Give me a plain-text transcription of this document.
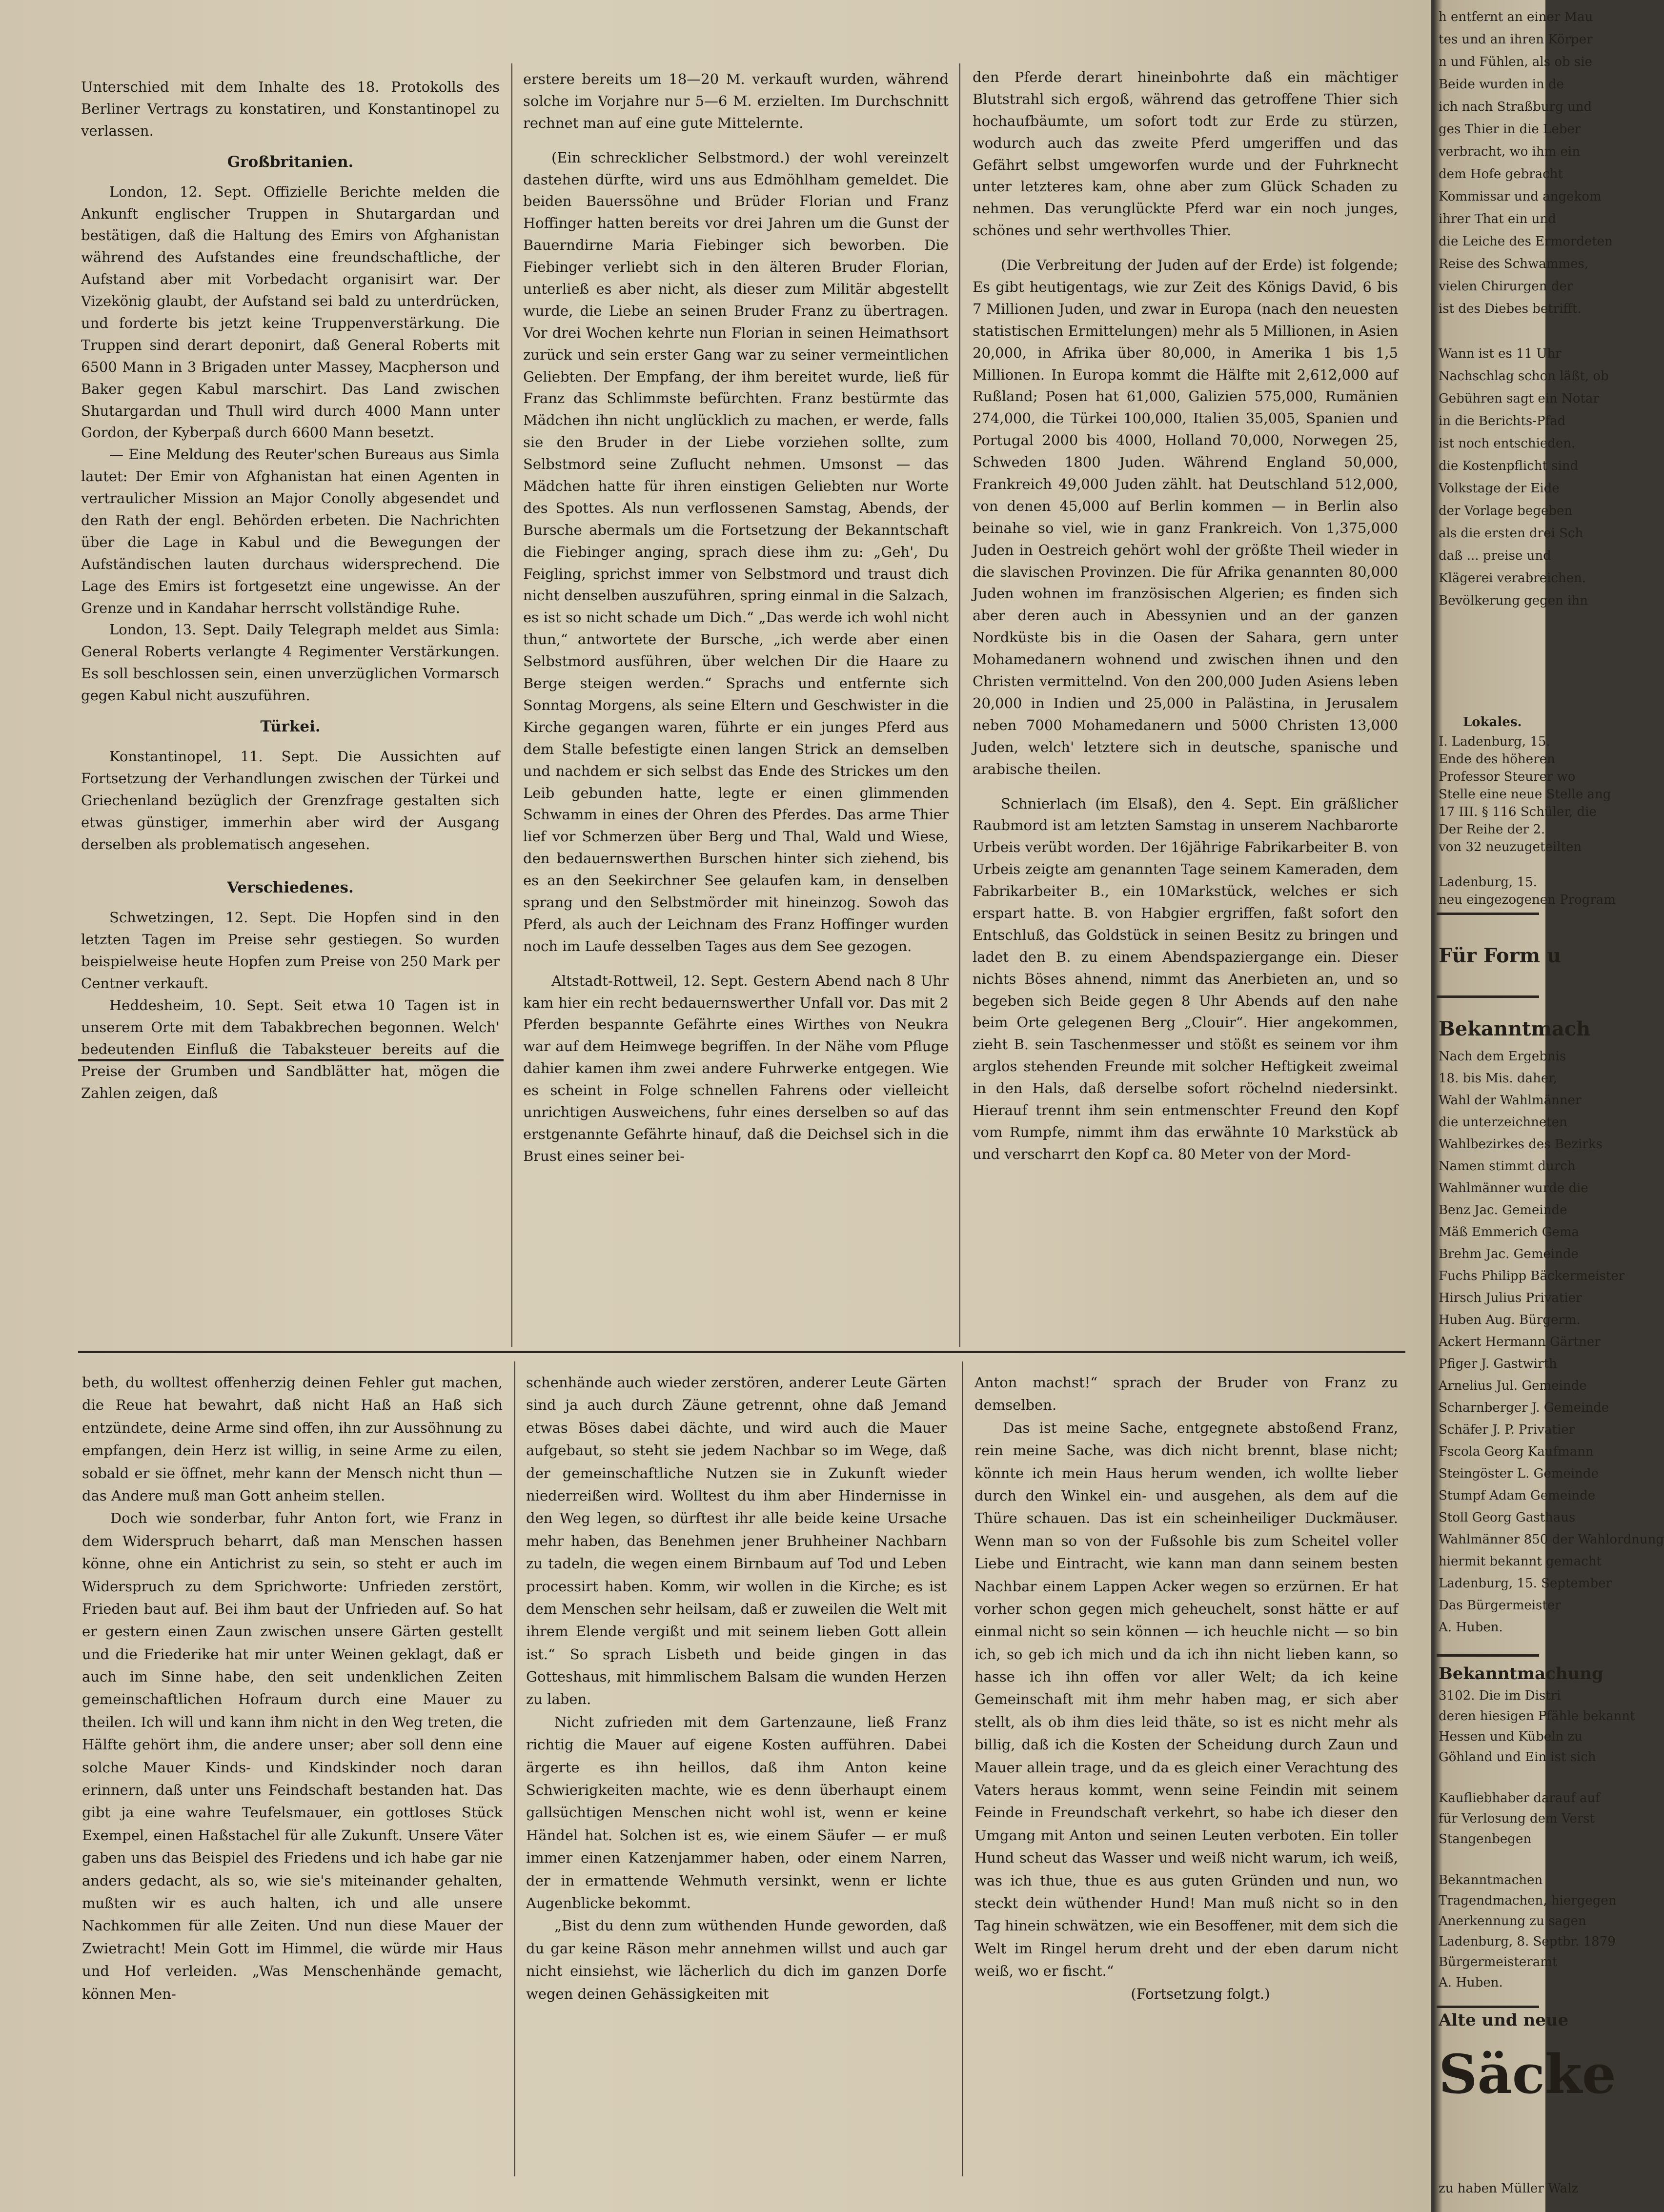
Unterschied mit dem Inhalte des 18. Protokolls des Berliner Vertrags zu konstatiren, und Konstantinopel zu verlassen.

Großbritanien.

London, 12. Sept. Offizielle Berichte melden die Ankunft englischer Truppen in Shutargardan und bestätigen, daß die Haltung des Emirs von Afghanistan während des Aufstandes eine freundschaftliche, der Aufstand aber mit Vorbedacht organisirt war. Der Vizekönig glaubt, der Aufstand sei bald zu unterdrücken, und forderte bis jetzt keine Truppenverstärkung. Die Truppen sind derart deponirt, daß General Roberts mit 6500 Mann in 3 Brigaden unter Massey, Macpherson und Baker gegen Kabul marschirt. Das Land zwischen Shutargardan und Thull wird durch 4000 Mann unter Gordon, der Kyberpaß durch 6600 Mann besetzt.

— Eine Meldung des Reuter'schen Bureaus aus Simla lautet: Der Emir von Afghanistan hat einen Agenten in vertraulicher Mission an Major Conolly abgesendet und den Rath der engl. Behörden erbeten. Die Nachrichten über die Lage in Kabul und die Bewegungen der Aufständischen lauten durchaus widersprechend. Die Lage des Emirs ist fortgesetzt eine ungewisse. An der Grenze und in Kandahar herrscht vollständige Ruhe.

London, 13. Sept. Daily Telegraph meldet aus Simla: General Roberts verlangte 4 Regimenter Verstärkungen. Es soll beschlossen sein, einen unverzüglichen Vormarsch gegen Kabul nicht auszuführen.

Türkei.

Konstantinopel, 11. Sept. Die Aussichten auf Fortsetzung der Verhandlungen zwischen der Türkei und Griechenland bezüglich der Grenzfrage gestalten sich etwas günstiger, immerhin aber wird der Ausgang derselben als problematisch angesehen.

Verschiedenes.

Schwetzingen, 12. Sept. Die Hopfen sind in den letzten Tagen im Preise sehr gestiegen. So wurden beispielweise heute Hopfen zum Preise von 250 Mark per Centner verkauft.

Heddesheim, 10. Sept. Seit etwa 10 Tagen ist in unserem Orte mit dem Tabakbrechen begonnen. Welch' bedeutenden Einfluß die Tabaksteuer bereits auf die Preise der Grumben und Sandblätter hat, mögen die Zahlen zeigen, daß

erstere bereits um 18—20 M. verkauft wurden, während solche im Vorjahre nur 5—6 M. erzielten. Im Durchschnitt rechnet man auf eine gute Mittelernte.

(Ein schrecklicher Selbstmord.) der wohl vereinzelt dastehen dürfte, wird uns aus Edmöhlham gemeldet. Die beiden Bauerssöhne und Brüder Florian und Franz Hoffinger hatten bereits vor drei Jahren um die Gunst der Bauerndirne Maria Fiebinger sich beworben. Die Fiebinger verliebt sich in den älteren Bruder Florian, unterließ es aber nicht, als dieser zum Militär abgestellt wurde, die Liebe an seinen Bruder Franz zu übertragen. Vor drei Wochen kehrte nun Florian in seinen Heimathsort zurück und sein erster Gang war zu seiner vermeintlichen Geliebten. Der Empfang, der ihm bereitet wurde, ließ für Franz das Schlimmste befürchten. Franz bestürmte das Mädchen ihn nicht unglücklich zu machen, er werde, falls sie den Bruder in der Liebe vorziehen sollte, zum Selbstmord seine Zuflucht nehmen. Umsonst — das Mädchen hatte für ihren einstigen Geliebten nur Worte des Spottes. Als nun verflossenen Samstag, Abends, der Bursche abermals um die Fortsetzung der Bekanntschaft die Fiebinger anging, sprach diese ihm zu: „Geh', Du Feigling, sprichst immer von Selbstmord und traust dich nicht denselben auszuführen, spring einmal in die Salzach, es ist so nicht schade um Dich.“ „Das werde ich wohl nicht thun,“ antwortete der Bursche, „ich werde aber einen Selbstmord ausführen, über welchen Dir die Haare zu Berge steigen werden.“ Sprachs und entfernte sich Sonntag Morgens, als seine Eltern und Geschwister in die Kirche gegangen waren, führte er ein junges Pferd aus dem Stalle befestigte einen langen Strick an demselben und nachdem er sich selbst das Ende des Strickes um den Leib gebunden hatte, legte er einen glimmenden Schwamm in eines der Ohren des Pferdes. Das arme Thier lief vor Schmerzen über Berg und Thal, Wald und Wiese, den bedauernswerthen Burschen hinter sich ziehend, bis es an den Seekirchner See gelaufen kam, in denselben sprang und den Selbstmörder mit hineinzog. Sowoh das Pferd, als auch der Leichnam des Franz Hoffinger wurden noch im Laufe desselben Tages aus dem See gezogen.

Altstadt-Rottweil, 12. Sept. Gestern Abend nach 8 Uhr kam hier ein recht bedauernswerther Unfall vor. Das mit 2 Pferden bespannte Gefährte eines Wirthes von Neukra war auf dem Heimwege begriffen. In der Nähe vom Pfluge dahier kamen ihm zwei andere Fuhrwerke entgegen. Wie es scheint in Folge schnellen Fahrens oder vielleicht unrichtigen Ausweichens, fuhr eines derselben so auf das erstgenannte Gefährte hinauf, daß die Deichsel sich in die Brust eines seiner bei-

den Pferde derart hineinbohrte daß ein mächtiger Blutstrahl sich ergoß, während das getroffene Thier sich hochaufbäumte, um sofort todt zur Erde zu stürzen, wodurch auch das zweite Pferd umgeriffen und das Gefährt selbst umgeworfen wurde und der Fuhrknecht unter letzteres kam, ohne aber zum Glück Schaden zu nehmen. Das verunglückte Pferd war ein noch junges, schönes und sehr werthvolles Thier.

(Die Verbreitung der Juden auf der Erde) ist folgende; Es gibt heutigentags, wie zur Zeit des Königs David, 6 bis 7 Millionen Juden, und zwar in Europa (nach den neuesten statistischen Ermittelungen) mehr als 5 Millionen, in Asien 20,000, in Afrika über 80,000, in Amerika 1 bis 1,5 Millionen. In Europa kommt die Hälfte mit 2,612,000 auf Rußland; Posen hat 61,000, Galizien 575,000, Rumänien 274,000, die Türkei 100,000, Italien 35,005, Spanien und Portugal 2000 bis 4000, Holland 70,000, Norwegen 25, Schweden 1800 Juden. Während England 50,000, Frankreich 49,000 Juden zählt. hat Deutschland 512,000, von denen 45,000 auf Berlin kommen — in Berlin also beinahe so viel, wie in ganz Frankreich. Von 1,375,000 Juden in Oestreich gehört wohl der größte Theil wieder in die slavischen Provinzen. Die für Afrika genannten 80,000 Juden wohnen im französischen Algerien; es finden sich aber deren auch in Abessynien und an der ganzen Nordküste bis in die Oasen der Sahara, gern unter Mohamedanern wohnend und zwischen ihnen und den Christen vermittelnd. Von den 200,000 Juden Asiens leben 20,000 in Indien und 25,000 in Palästina, in Jerusalem neben 7000 Mohamedanern und 5000 Christen 13,000 Juden, welch' letztere sich in deutsche, spanische und arabische theilen.

Schnierlach (im Elsaß), den 4. Sept. Ein gräßlicher Raubmord ist am letzten Samstag in unserem Nachbarorte Urbeis verübt worden. Der 16jährige Fabrikarbeiter B. von Urbeis zeigte am genannten Tage seinem Kameraden, dem Fabrikarbeiter B., ein 10Markstück, welches er sich erspart hatte. B. von Habgier ergriffen, faßt sofort den Entschluß, das Goldstück in seinen Besitz zu bringen und ladet den B. zu einem Abendspaziergange ein. Dieser nichts Böses ahnend, nimmt das Anerbieten an, und so begeben sich Beide gegen 8 Uhr Abends auf den nahe beim Orte gelegenen Berg „Clouir“. Hier angekommen, zieht B. sein Taschenmesser und stößt es seinem vor ihm arglos stehenden Freunde mit solcher Heftigkeit zweimal in den Hals, daß derselbe sofort röchelnd niedersinkt. Hierauf trennt ihm sein entmenschter Freund den Kopf vom Rumpfe, nimmt ihm das erwähnte 10 Markstück ab und verscharrt den Kopf ca. 80 Meter von der Mord-

beth, du wolltest offenherzig deinen Fehler gut machen, die Reue hat bewahrt, daß nicht Haß an Haß sich entzündete, deine Arme sind offen, ihn zur Aussöhnung zu empfangen, dein Herz ist willig, in seine Arme zu eilen, sobald er sie öffnet, mehr kann der Mensch nicht thun — das Andere muß man Gott anheim stellen.

Doch wie sonderbar, fuhr Anton fort, wie Franz in dem Widerspruch beharrt, daß man Menschen hassen könne, ohne ein Antichrist zu sein, so steht er auch im Widerspruch zu dem Sprichworte: Unfrieden zerstört, Frieden baut auf. Bei ihm baut der Unfrieden auf. So hat er gestern einen Zaun zwischen unsere Gärten gestellt und die Friederike hat mir unter Weinen geklagt, daß er auch im Sinne habe, den seit undenklichen Zeiten gemeinschaftlichen Hofraum durch eine Mauer zu theilen. Ich will und kann ihm nicht in den Weg treten, die Hälfte gehört ihm, die andere unser; aber soll denn eine solche Mauer Kinds- und Kindskinder noch daran erinnern, daß unter uns Feindschaft bestanden hat. Das gibt ja eine wahre Teufelsmauer, ein gottloses Stück Exempel, einen Haßstachel für alle Zukunft. Unsere Väter gaben uns das Beispiel des Friedens und ich habe gar nie anders gedacht, als so, wie sie's miteinander gehalten, mußten wir es auch halten, ich und alle unsere Nachkommen für alle Zeiten. Und nun diese Mauer der Zwietracht! Mein Gott im Himmel, die würde mir Haus und Hof verleiden. „Was Menschenhände gemacht, können Men-

schenhände auch wieder zerstören, anderer Leute Gärten sind ja auch durch Zäune getrennt, ohne daß Jemand etwas Böses dabei dächte, und wird auch die Mauer aufgebaut, so steht sie jedem Nachbar so im Wege, daß der gemeinschaftliche Nutzen sie in Zukunft wieder niederreißen wird. Wolltest du ihm aber Hindernisse in den Weg legen, so dürftest ihr alle beide keine Ursache mehr haben, das Benehmen jener Bruhheiner Nachbarn zu tadeln, die wegen einem Birnbaum auf Tod und Leben processirt haben. Komm, wir wollen in die Kirche; es ist dem Menschen sehr heilsam, daß er zuweilen die Welt mit ihrem Elende vergißt und mit seinem lieben Gott allein ist.“ So sprach Lisbeth und beide gingen in das Gotteshaus, mit himmlischem Balsam die wunden Herzen zu laben.

Nicht zufrieden mit dem Gartenzaune, ließ Franz richtig die Mauer auf eigene Kosten aufführen. Dabei ärgerte es ihn heillos, daß ihm Anton keine Schwierigkeiten machte, wie es denn überhaupt einem gallsüchtigen Menschen nicht wohl ist, wenn er keine Händel hat. Solchen ist es, wie einem Säufer — er muß immer einen Katzenjammer haben, oder einem Narren, der in ermattende Wehmuth versinkt, wenn er lichte Augenblicke bekommt.

„Bist du denn zum wüthenden Hunde geworden, daß du gar keine Räson mehr annehmen willst und auch gar nicht einsiehst, wie lächerlich du dich im ganzen Dorfe wegen deinen Gehässigkeiten mit

Anton machst!“ sprach der Bruder von Franz zu demselben.

Das ist meine Sache, entgegnete abstoßend Franz, rein meine Sache, was dich nicht brennt, blase nicht; könnte ich mein Haus herum wenden, ich wollte lieber durch den Winkel ein- und ausgehen, als dem auf die Thüre schauen. Das ist ein scheinheiliger Duckmäuser. Wenn man so von der Fußsohle bis zum Scheitel voller Liebe und Eintracht, wie kann man dann seinem besten Nachbar einem Lappen Acker wegen so erzürnen. Er hat vorher schon gegen mich geheuchelt, sonst hätte er auf einmal nicht so sein können — ich heuchle nicht — so bin ich, so geb ich mich und da ich ihn nicht lieben kann, so hasse ich ihn offen vor aller Welt; da ich keine Gemeinschaft mit ihm mehr haben mag, er sich aber stellt, als ob ihm dies leid thäte, so ist es nicht mehr als billig, daß ich die Kosten der Scheidung durch Zaun und Mauer allein trage, und da es gleich einer Verachtung des Vaters heraus kommt, wenn seine Feindin mit seinem Feinde in Freundschaft verkehrt, so habe ich dieser den Umgang mit Anton und seinen Leuten verboten. Ein toller Hund scheut das Wasser und weiß nicht warum, ich weiß, was ich thue, thue es aus guten Gründen und nun, wo steckt dein wüthender Hund! Man muß nicht so in den Tag hinein schwätzen, wie ein Besoffener, mit dem sich die Welt im Ringel herum dreht und der eben darum nicht weiß, wo er fischt.“

(Fortsetzung folgt.)

h entfernt an einer Mau
tes und an ihren Körper
n und Fühlen, als ob sie
Beide wurden in de
ich nach Straßburg und
ges Thier in die Leber
verbracht, wo ihm ein
dem Hofe gebracht
Kommissar und angekom
ihrer That ein und
die Leiche des Ermordeten
Reise des Schwammes,
vielen Chirurgen der
ist des Diebes betrifft.
Wann ist es 11 Uhr
Nachschlag schon läßt, ob
Gebühren sagt ein Notar
in die Berichts-Pfad
ist noch entschieden.
die Kostenpflicht sind
Volkstage der Eide
der Vorlage begeben
als die ersten drei Sch
daß ... preise und
Klägerei verabreichen.
Bevölkerung gegen ihn
Lokales.
I. Ladenburg, 15.
Ende des höheren
Professor Steurer wo
Stelle eine neue Stelle ang
17 III. § 116 Schüler, die
Der Reihe der 2.
von 32 neuzugeteilten
Ladenburg, 15.
neu eingezogenen Program
Für Form u
Bekanntmach
Nach dem Ergebnis
18. bis Mis. daher,
Wahl der Wahlmänner
die unterzeichneten
Wahlbezirkes des Bezirks
Namen stimmt durch
Wahlmänner wurde die
Benz Jac. Gemeinde
Mäß Emmerich Gema
Brehm Jac. Gemeinde
Fuchs Philipp Bäckermeister
Hirsch Julius Privatier
Huben Aug. Bürgerm.
Ackert Hermann Gärtner
Pfiger J. Gastwirth
Arnelius Jul. Gemeinde
Scharnberger J. Gemeinde
Schäfer J. P. Privatier
Fscola Georg Kaufmann
Steingöster L. Gemeinde
Stumpf Adam Gemeinde
Stoll Georg Gasthaus
Wahlmänner 850 der Wahlordnung
hiermit bekannt gemacht
Ladenburg, 15. September
Das Bürgermeister
A. Huben.
Bekanntmachung
3102. Die im Distri
deren hiesigen Pfähle bekannt
Hessen und Kübeln zu
Göhland und Ein ist sich
Kaufliebhaber darauf auf
für Verlosung dem Verst
Stangenbegen
Bekanntmachen
Tragendmachen, hiergegen
Anerkennung zu sagen
Ladenburg, 8. Septbr. 1879
Bürgermeisteramt
A. Huben.
Alte und neue
Säcke
zu haben Müller Walz
